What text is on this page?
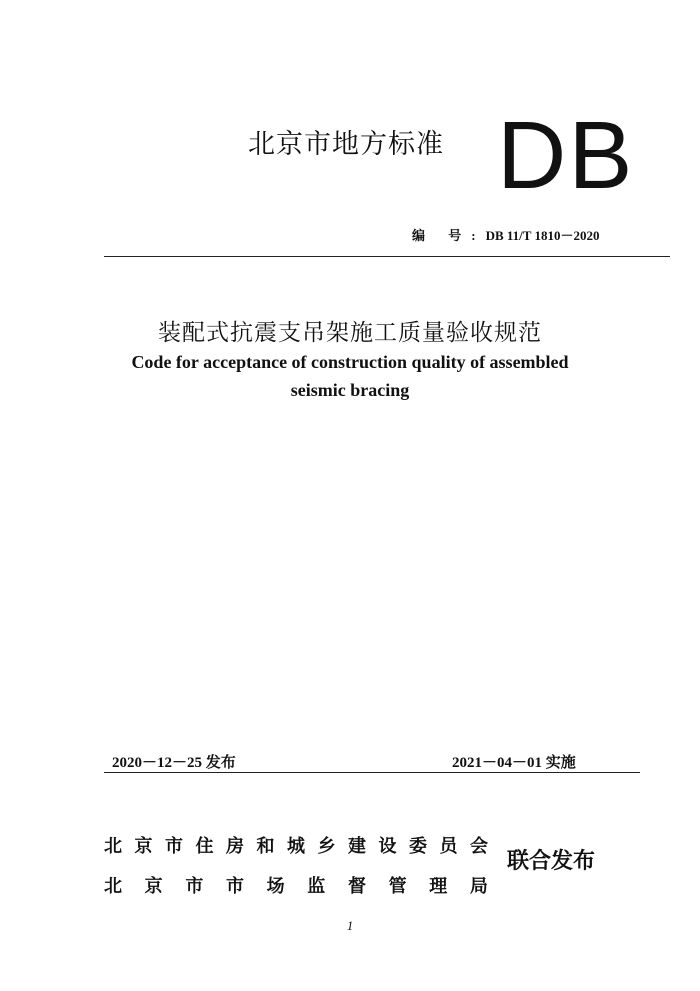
北京市地方标准 DB
编 号:DB 11/T 1810－2020
装配式抗震支吊架施工质量验收规范
Code for acceptance of construction quality of assembled
seismic bracing
2020－12－25 发布	2021－04－01 实施
北 京 市 住 房 和 城 乡 建 设 委 员 会
北 京 市 市 场 监 督 管 理 局
联合发布
1
